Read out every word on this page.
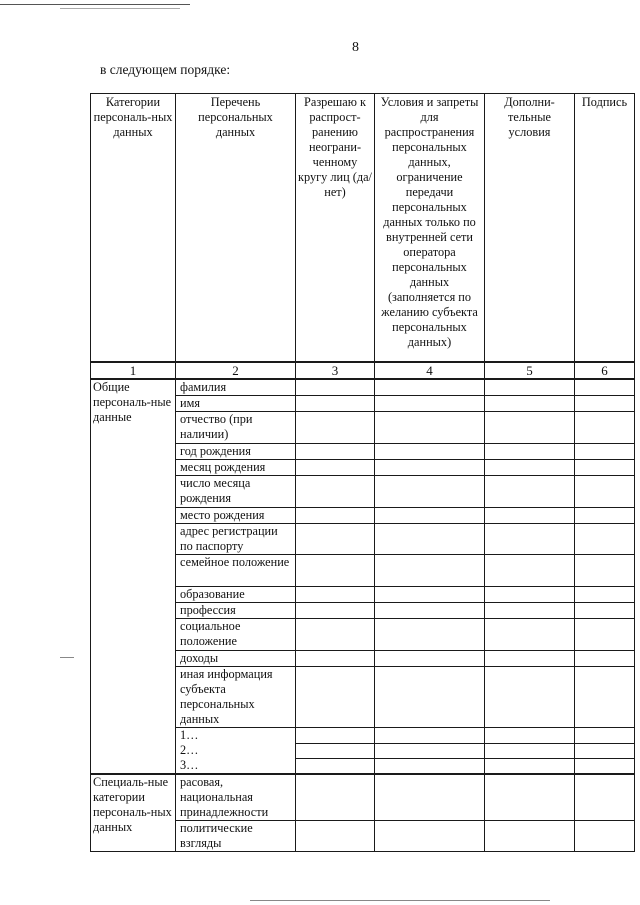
8
в следующем порядке:
Категории персональ-ных данных	Перечень персональных данных	Разрешаю к распрост-ранению неограни-ченному кругу лиц (да/нет)	Условия и запреты для распространения персональных данных, ограничение передачи персональных данных только по внутренней сети оператора персональных данных (заполняется по желанию субъекта персональных данных)	Дополни-тельные условия	Подпись
1	2	3	4	5	6
Общие персональ-ные данные	фамилия				
	имя				
	отчество (при наличии)				
	год рождения				
	месяц рождения				
	число месяца рождения				
	место рождения				
	адрес регистрации по паспорту				
	семейное положение				
	образование				
	профессия				
	социальное положение				
	доходы				
	иная информация субъекта персональных данных				

	1…
2…
3…				

Специаль-ные категории персональ-ных данных	расовая, национальная принадлежности				
	политические взгляды				
